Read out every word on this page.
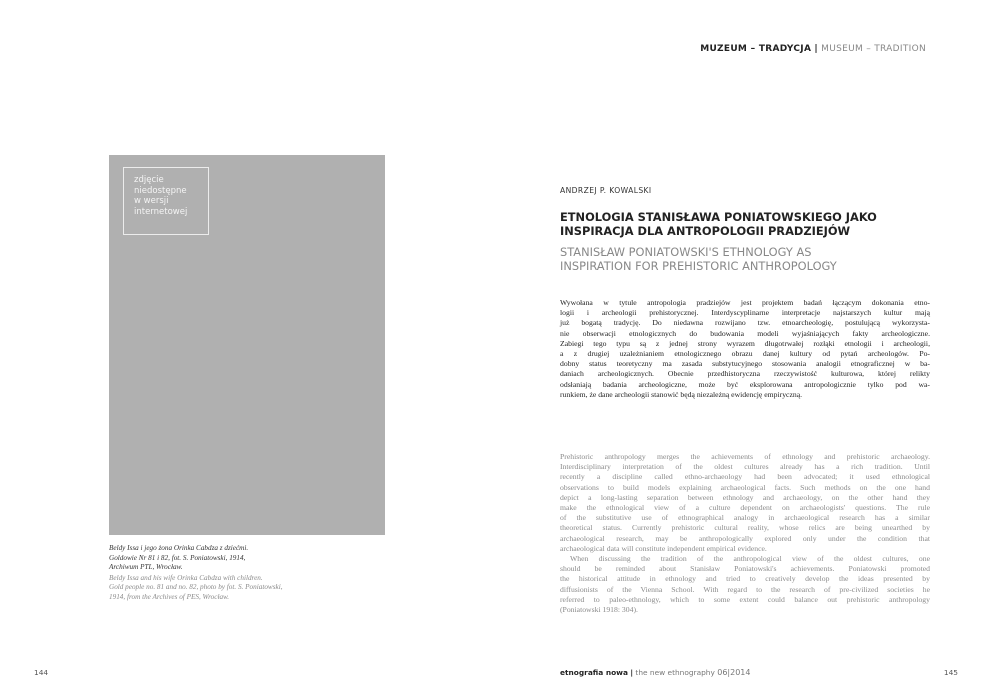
MUZEUM – TRADYCJA | MUSEUM – TRADITION
zdjęcie
niedostępne
w wersji
internetowej
Beldy Issa i jego żona Orinka Cabdza z dziećmi.
Goldowie Nr 81 i 82, fot. S. Poniatowski, 1914,
Archiwum PTL, Wrocław.
Beldy Issa and his wife Orinka Cabdza with children.
Gold people no. 81 and no. 82, photo by fot. S. Poniatowski,
1914, from the Archives of PES, Wrocław.
ANDRZEJ P. KOWALSKI
ETNOLOGIA STANISŁAWA PONIATOWSKIEGO JAKO
INSPIRACJA DLA ANTROPOLOGII PRADZIEJÓW
STANISŁAW PONIATOWSKI'S ETHNOLOGY AS
INSPIRATION FOR PREHISTORIC ANTHROPOLOGY
Wywołana w tytule antropologia pradziejów jest projektem badań łączącym dokonania etno-
logii i archeologii prehistorycznej. Interdyscyplinarne interpretacje najstarszych kultur mają
już bogatą tradycję. Do niedawna rozwijano tzw. etnoarcheologię, postulującą wykorzysta-
nie obserwacji etnologicznych do budowania modeli wyjaśniających fakty archeologiczne.
Zabiegi tego typu są z jednej strony wyrazem długotrwałej rozłąki etnologii i archeologii,
a z drugiej uzależnianiem etnologicznego obrazu danej kultury od pytań archeologów. Po-
dobny status teoretyczny ma zasada substytucyjnego stosowania analogii etnograficznej w ba-
daniach archeologicznych. Obecnie przedhistoryczna rzeczywistość kulturowa, której relikty
odsłaniają badania archeologiczne, może być eksplorowana antropologicznie tylko pod wa-
runkiem, że dane archeologii stanowić będą niezależną ewidencję empiryczną.
Prehistoric anthropology merges the achievements of ethnology and prehistoric archaeology.
Interdisciplinary interpretation of the oldest cultures already has a rich tradition. Until
recently a discipline called ethno-archaeology had been advocated; it used ethnological
observations to build models explaining archaeological facts. Such methods on the one hand
depict a long-lasting separation between ethnology and archaeology, on the other hand they
make the ethnological view of a culture dependent on archaeologists' questions. The rule
of the substitutive use of ethnographical analogy in archaeological research has a similar
theoretical status. Currently prehistoric cultural reality, whose relics are being unearthed by
archaeological research, may be anthropologically explored only under the condition that
archaeological data will constitute independent empirical evidence.
When discussing the tradition of the anthropological view of the oldest cultures, one
should be reminded about Stanisław Poniatowski's achievements. Poniatowski promoted
the historical attitude in ethnology and tried to creatively develop the ideas presented by
diffusionists of the Vienna School. With regard to the research of pre-civilized societies he
referred to paleo-ethnology, which to some extent could balance out prehistoric anthropology
(Poniatowski 1918: 304).
144	etnografia nowa | the new ethnography 06|2014	145
